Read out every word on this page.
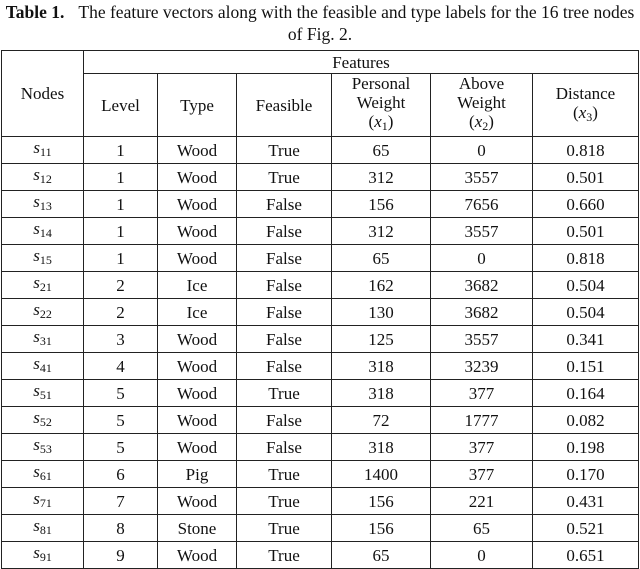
Table 1. The feature vectors along with the feasible and type labels for the 16 tree nodes of Fig. 2.
Nodes	Features					
	Level	Type	Feasible	Personal
Weight
(x1)	Above
Weight
(x2)	Distance
(x3)
s11	1	Wood	True	65	0	0.818
s12	1	Wood	True	312	3557	0.501
s13	1	Wood	False	156	7656	0.660
s14	1	Wood	False	312	3557	0.501
s15	1	Wood	False	65	0	0.818
s21	2	Ice	False	162	3682	0.504
s22	2	Ice	False	130	3682	0.504
s31	3	Wood	False	125	3557	0.341
s41	4	Wood	False	318	3239	0.151
s51	5	Wood	True	318	377	0.164
s52	5	Wood	False	72	1777	0.082
s53	5	Wood	False	318	377	0.198
s61	6	Pig	True	1400	377	0.170
s71	7	Wood	True	156	221	0.431
s81	8	Stone	True	156	65	0.521
s91	9	Wood	True	65	0	0.651
